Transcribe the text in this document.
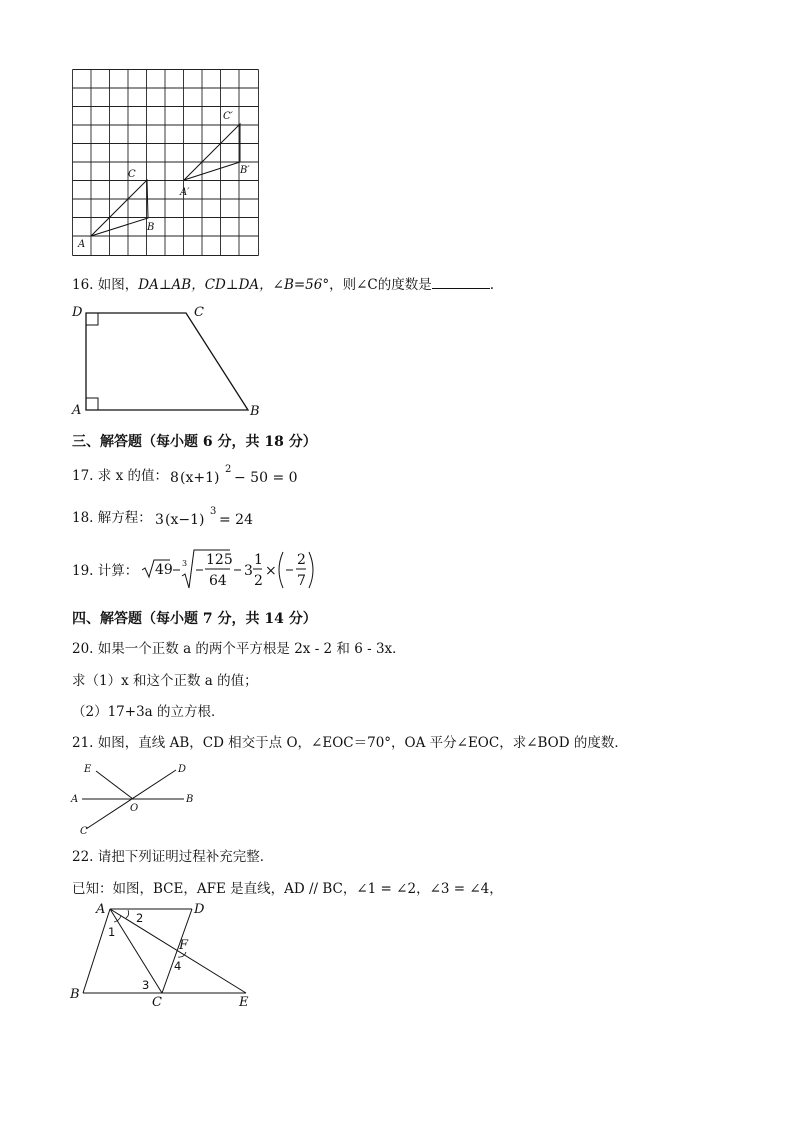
A
B
C
A′
B′
C′
16. 如图，DA⊥AB，CD⊥DA，∠B=56°，则∠C的度数是	.
D	C
A	B
三、解答题（每小题 6 分，共 18 分）
17. 求 x 的值： 8 (x+1)
2
− 50 = 0
18. 解方程： 3 (x−1)
3
= 24
19. 计算： 49 3 125
64
3
1
2
×
2
7
四、解答题（每小题 7 分，共 14 分）
20. 如果一个正数 a 的两个平方根是 2x - 2 和 6 - 3x．
求（1）x 和这个正数 a 的值；
（2）17+3a 的立方根．
21. 如图，直线 AB，CD 相交于点 O，∠EOC＝70°，OA 平分∠EOC，求∠BOD 的度数．
E	D
A	B
O
C
22. 请把下列证明过程补充完整．
已知：如图，BCE，AFE 是直线，AD // BC，∠1 = ∠2，∠3 = ∠4，
A	D
B
C	E
F
1
2
3
4
